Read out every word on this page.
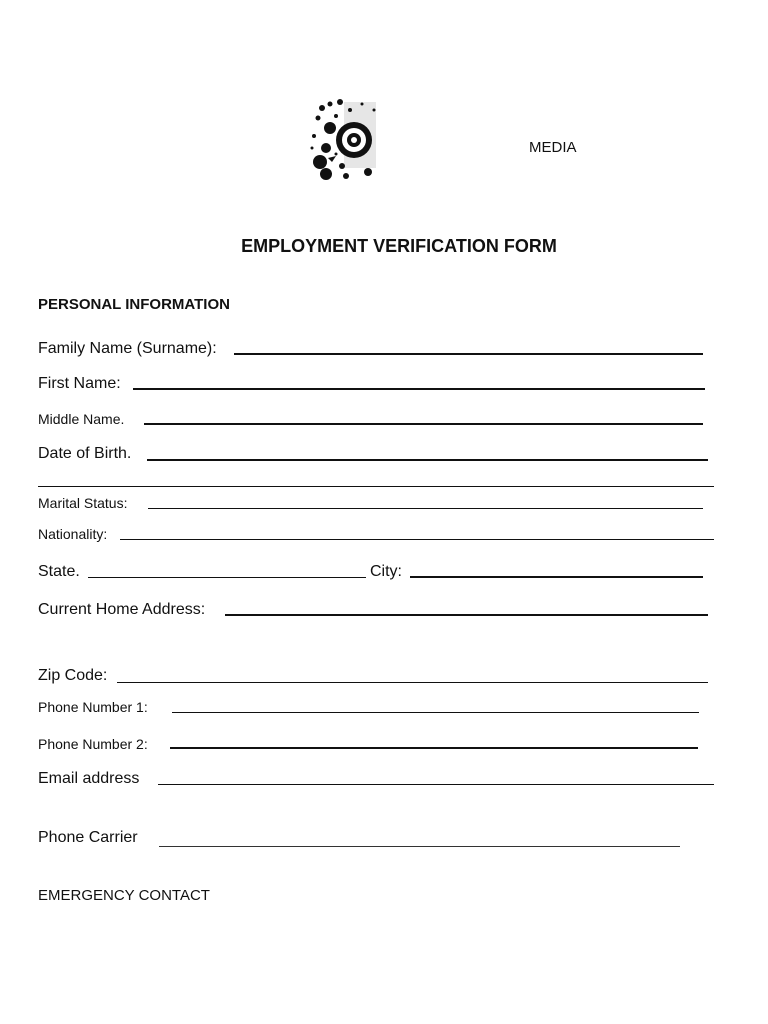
MEDIA
EMPLOYMENT VERIFICATION FORM
PERSONAL INFORMATION
Family Name (Surname):
First Name:
Middle Name.
Date of Birth.
Marital Status:
Nationality:
State.	City:
Current Home Address:
Zip Code:
Phone Number 1:
Phone Number 2:
Email address
Phone Carrier
EMERGENCY CONTACT
